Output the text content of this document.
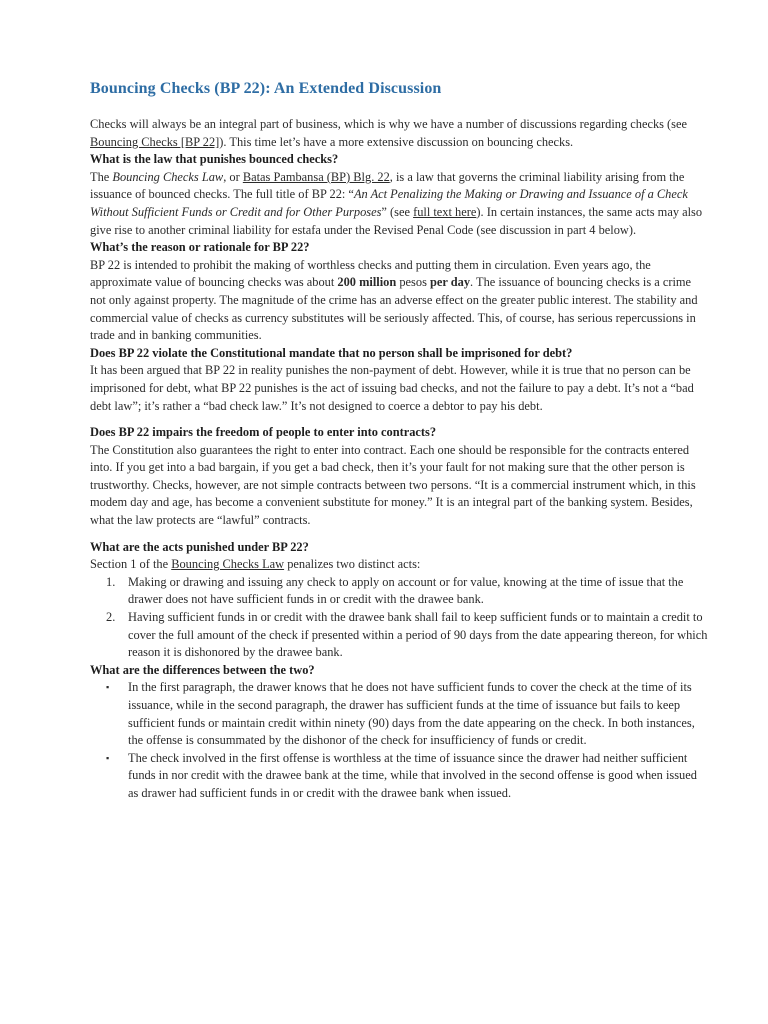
Bouncing Checks (BP 22): An Extended Discussion

Checks will always be an integral part of business, which is why we have a number of discussions regarding checks (see Bouncing Checks [BP 22]). This time let’s have a more extensive discussion on bouncing checks.

What is the law that punishes bounced checks?

The Bouncing Checks Law, or Batas Pambansa (BP) Blg. 22, is a law that governs the criminal liability arising from the issuance of bounced checks. The full title of BP 22: “An Act Penalizing the Making or Drawing and Issuance of a Check Without Sufficient Funds or Credit and for Other Purposes” (see full text here). In certain instances, the same acts may also give rise to another criminal liability for estafa under the Revised Penal Code (see discussion in part 4 below).

What’s the reason or rationale for BP 22?

BP 22 is intended to prohibit the making of worthless checks and putting them in circulation. Even years ago, the approximate value of bouncing checks was about 200 million pesos per day. The issuance of bouncing checks is a crime not only against property. The magnitude of the crime has an adverse effect on the greater public interest. The stability and commercial value of checks as currency substitutes will be seriously affected. This, of course, has serious repercussions in trade and in banking communities.

Does BP 22 violate the Constitutional mandate that no person shall be imprisoned for debt?

It has been argued that BP 22 in reality punishes the non-payment of debt. However, while it is true that no person can be imprisoned for debt, what BP 22 punishes is the act of issuing bad checks, and not the failure to pay a debt. It’s not a “bad debt law”; it’s rather a “bad check law.” It’s not designed to coerce a debtor to pay his debt.

Does BP 22 impairs the freedom of people to enter into contracts?

The Constitution also guarantees the right to enter into contract. Each one should be responsible for the contracts entered into. If you get into a bad bargain, if you get a bad check, then it’s your fault for not making sure that the other person is trustworthy. Checks, however, are not simple contracts between two persons. “It is a commercial instrument which, in this modem day and age, has become a convenient substitute for money.” It is an integral part of the banking system. Besides, what the law protects are “lawful” contracts.

What are the acts punished under BP 22?

Section 1 of the Bouncing Checks Law penalizes two distinct acts:

1. Making or drawing and issuing any check to apply on account or for value, knowing at the time of issue that the drawer does not have sufficient funds in or credit with the drawee bank.
2. Having sufficient funds in or credit with the drawee bank shall fail to keep sufficient funds or to maintain a credit to cover the full amount of the check if presented within a period of 90 days from the date appearing thereon, for which reason it is dishonored by the drawee bank.

What are the differences between the two?

▪ In the first paragraph, the drawer knows that he does not have sufficient funds to cover the check at the time of its issuance, while in the second paragraph, the drawer has sufficient funds at the time of issuance but fails to keep sufficient funds or maintain credit within ninety (90) days from the date appearing on the check. In both instances, the offense is consummated by the dishonor of the check for insufficiency of funds or credit.
▪ The check involved in the first offense is worthless at the time of issuance since the drawer had neither sufficient funds in nor credit with the drawee bank at the time, while that involved in the second offense is good when issued as drawer had sufficient funds in or credit with the drawee bank when issued.
